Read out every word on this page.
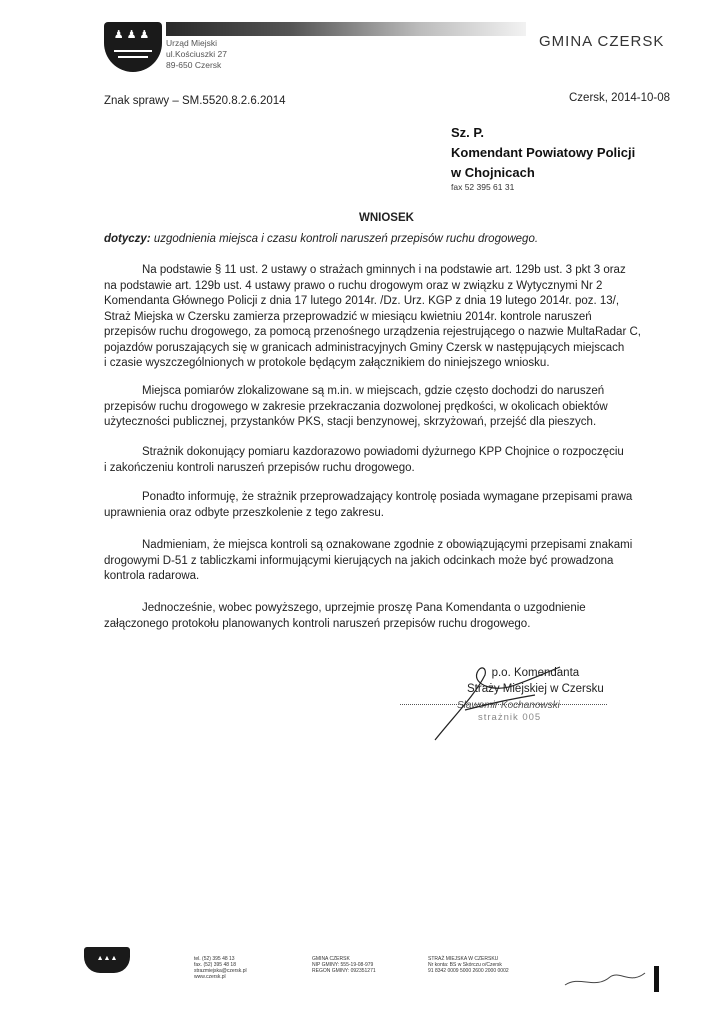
♟♟♟
Urząd Miejski
ul.Kościuszki 27
89-650 Czersk
GMINA CZERSK
Znak sprawy – SM.5520.8.2.6.2014	Czersk, 2014-10-08
Sz. P.
Komendant Powiatowy Policji
w Chojnicach
fax 52 395 61 31
WNIOSEK
dotyczy: uzgodnienia miejsca i czasu kontroli naruszeń przepisów ruchu drogowego.
Na podstawie § 11 ust. 2 ustawy o strażach gminnych i na podstawie art. 129b ust. 3 pkt 3 oraz
na podstawie art. 129b ust. 4 ustawy prawo o ruchu drogowym oraz w związku z Wytycznymi Nr 2
Komendanta Głównego Policji z dnia 17 lutego 2014r. /Dz. Urz. KGP z dnia 19 lutego 2014r. poz. 13/,
Straż Miejska w Czersku zamierza przeprowadzić w miesiącu kwietniu 2014r. kontrole naruszeń
przepisów ruchu drogowego, za pomocą przenośnego urządzenia rejestrującego o nazwie MultaRadar C,
pojazdów poruszających się w granicach administracyjnych Gminy Czersk w następujących miejscach
i czasie wyszczególnionych w protokole będącym załącznikiem do niniejszego wniosku.
Miejsca pomiarów zlokalizowane są m.in. w miejscach, gdzie często dochodzi do naruszeń
przepisów ruchu drogowego w zakresie przekraczania dozwolonej prędkości, w okolicach obiektów
użyteczności publicznej, przystanków PKS, stacji benzynowej, skrzyżowań, przejść dla pieszych.
Strażnik dokonujący pomiaru kazdorazowo powiadomi dyżurnego KPP Chojnice o rozpoczęciu
i zakończeniu kontroli naruszeń przepisów ruchu drogowego.
Ponadto informuję, że strażnik przeprowadzający kontrolę posiada wymagane przepisami prawa
uprawnienia oraz odbyte przeszkolenie z tego zakresu.
Nadmieniam, że miejsca kontroli są oznakowane zgodnie z obowiązującymi przepisami znakami
drogowymi D-51 z tabliczkami informującymi kierujących na jakich odcinkach może być prowadzona
kontrola radarowa.
Jednocześnie, wobec powyższego, uprzejmie proszę Pana Komendanta o uzgodnienie
załączonego protokołu planowanych kontroli naruszeń przepisów ruchu drogowego.
p.o. Komendanta
Straży Miejskiej w Czersku
Sławomir Kochanowski
strażnik 005
▲▲▲	tel. (52) 395 48 13
fax. (52) 395 48 18
strazmiejska@czersk.pl
www.czersk.pl
GMINA CZERSK
NIP GMINY: 555-19-08-979
REGON GMINY: 092351271
STRAŻ MIEJSKA W CZERSKU
Nr konta: BS w Skórczu o/Czersk
91 8342 0009 5000 2600 2000 0002
